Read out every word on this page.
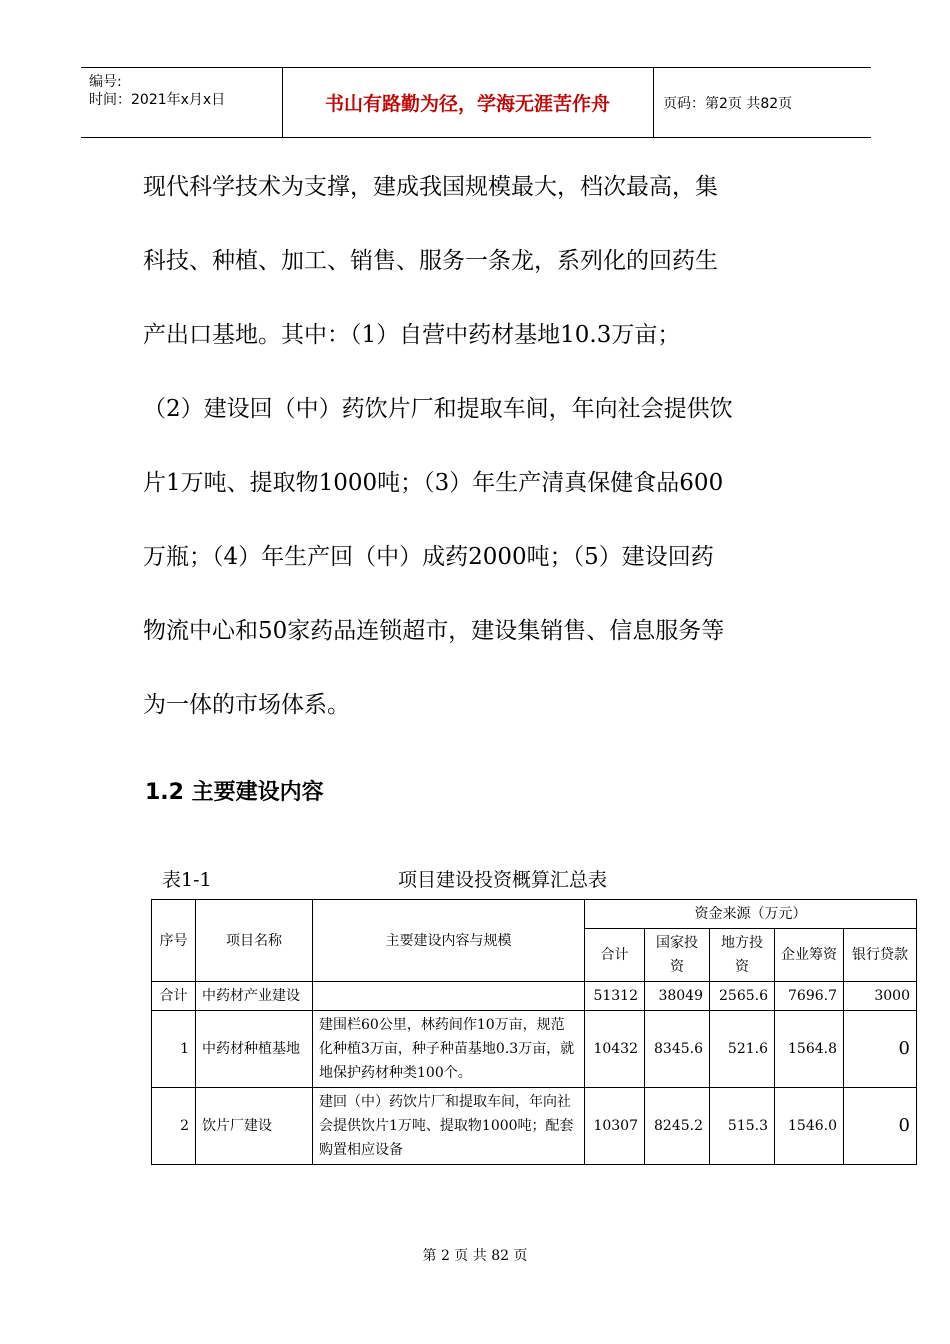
编号:
时间：2021年x月x日	书山有路勤为径，学海无涯苦作舟	页码：第2页 共82页
现代科学技术为支撑，建成我国规模最大，档次最高，集
科技、种植、加工、销售、服务一条龙，系列化的回药生
产出口基地。其中：（1）自营中药材基地10.3万亩；
（2）建设回（中）药饮片厂和提取车间，年向社会提供饮
片1万吨、提取物1000吨；（3）年生产清真保健食品600
万瓶；（4）年生产回（中）成药2000吨；（5）建设回药
物流中心和50家药品连锁超市，建设集销售、信息服务等
为一体的市场体系。
1.2 主要建设内容
表1-1	项目建设投资概算汇总表
序号	项目名称	主要建设内容与规模	资金来源（万元）				
			合计	国家投资	地方投资	企业筹资	银行贷款
合计	中药材产业建设		51312	38049	2565.6	7696.7	3000
1	中药材种植基地	建围栏60公里，林药间作10万亩，规范化种植3万亩，种子种苗基地0.3万亩，就地保护药材种类100个。	10432	8345.6	521.6	1564.8	0
2	饮片厂建设	建回（中）药饮片厂和提取车间，年向社会提供饮片1万吨、提取物1000吨；配套购置相应设备	10307	8245.2	515.3	1546.0	0
第 2 页 共 82 页
